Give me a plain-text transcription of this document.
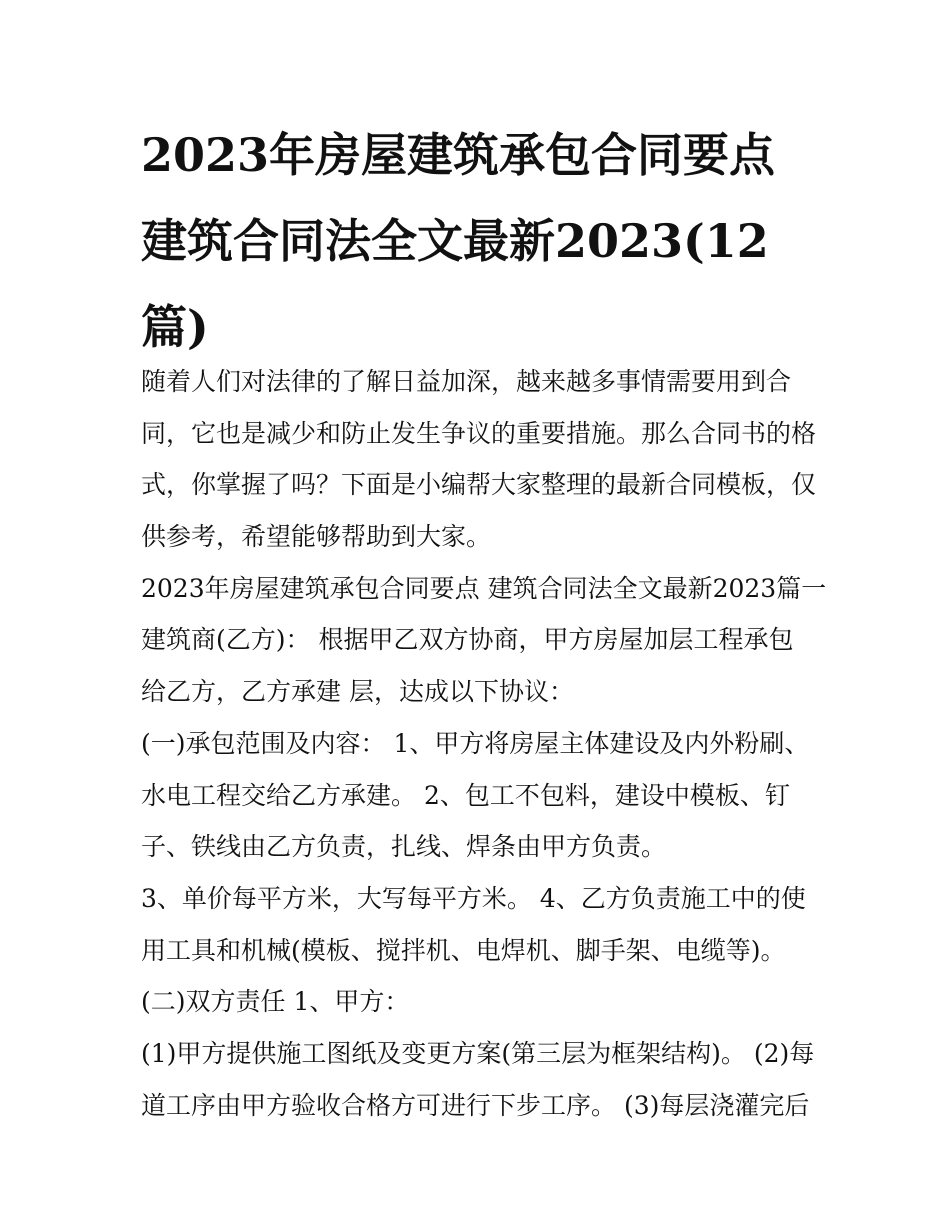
2023年房屋建筑承包合同要点
建筑合同法全文最新2023(12
篇)
随着人们对法律的了解日益加深，越来越多事情需要用到合
同，它也是减少和防止发生争议的重要措施。那么合同书的格
式，你掌握了吗？下面是小编帮大家整理的最新合同模板，仅
供参考，希望能够帮助到大家。
2023年房屋建筑承包合同要点 建筑合同法全文最新2023篇一
建筑商(乙方)： 根据甲乙双方协商，甲方房屋加层工程承包
给乙方，乙方承建 层，达成以下协议：
(一)承包范围及内容： 1、甲方将房屋主体建设及内外粉刷、
水电工程交给乙方承建。 2、包工不包料，建设中模板、钉
子、铁线由乙方负责，扎线、焊条由甲方负责。
3、单价每平方米，大写每平方米。 4、乙方负责施工中的使
用工具和机械(模板、搅拌机、电焊机、脚手架、电缆等)。
(二)双方责任 1、甲方：
(1)甲方提供施工图纸及变更方案(第三层为框架结构)。 (2)每
道工序由甲方验收合格方可进行下步工序。 (3)每层浇灌完后
